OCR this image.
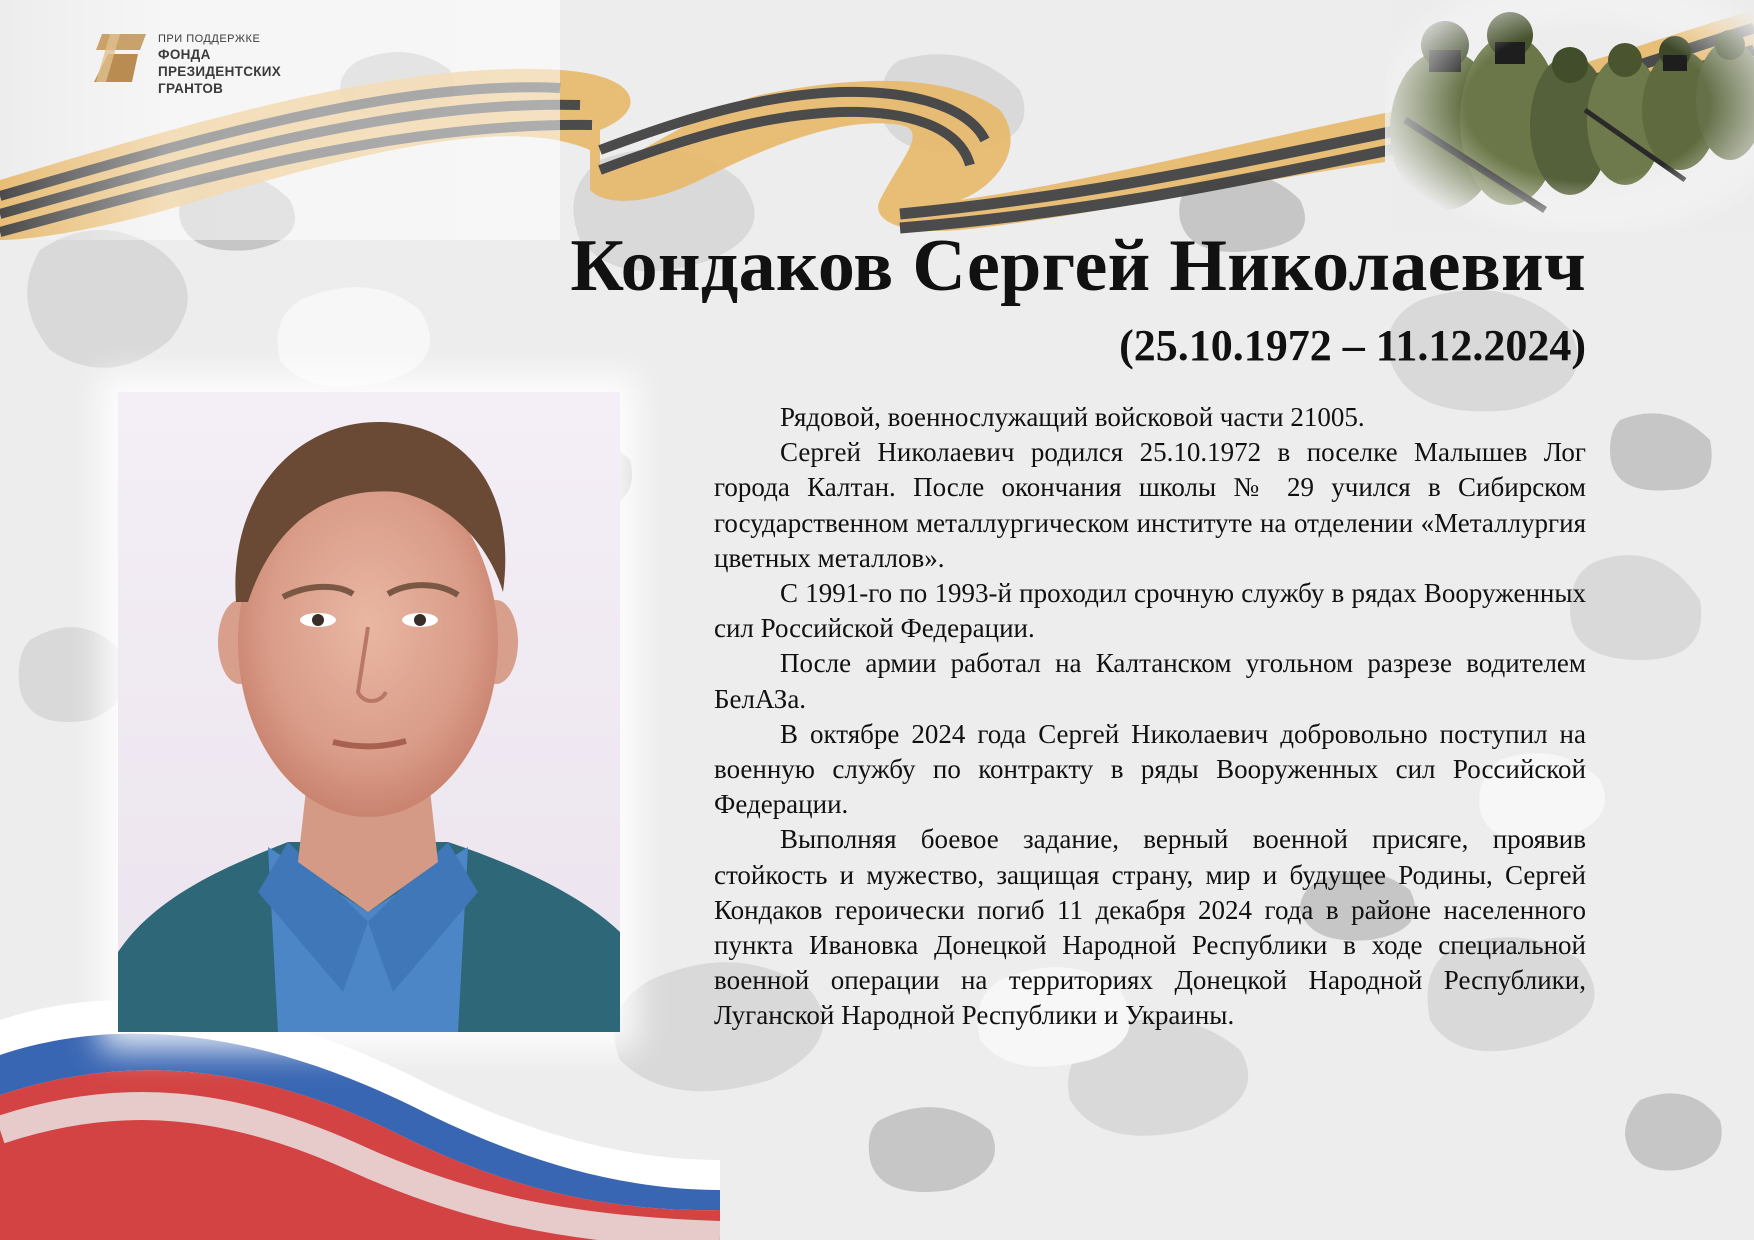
ПРИ ПОДДЕРЖКЕ
ФОНДА
ПРЕЗИДЕНТСКИХ
ГРАНТОВ
Кондаков Сергей Николаевич
(25.10.1972 – 11.12.2024)

Рядовой, военнослужащий войсковой части 21005.

Сергей Николаевич родился 25.10.1972 в поселке Малышев Лог города Калтан. После окончания школы № 29 учился в Сибирском государственном металлургическом институте на отделении «Металлургия цветных металлов».

С 1991-го по 1993-й проходил срочную службу в рядах Вооруженных сил Российской Федерации.

После армии работал на Калтанском угольном разрезе водителем БелАЗа.

В октябре 2024 года Сергей Николаевич добровольно поступил на военную службу по контракту в ряды Вооруженных сил Российской Федерации.

Выполняя боевое задание, верный военной присяге, проявив стойкость и мужество, защищая страну, мир и будущее Родины, Сергей Кондаков героически погиб 11 декабря 2024 года в районе населенного пункта Ивановка Донецкой Народной Республики в ходе специальной военной операции на территориях Донецкой Народной Республики, Луганской Народной Республики и Украины.
